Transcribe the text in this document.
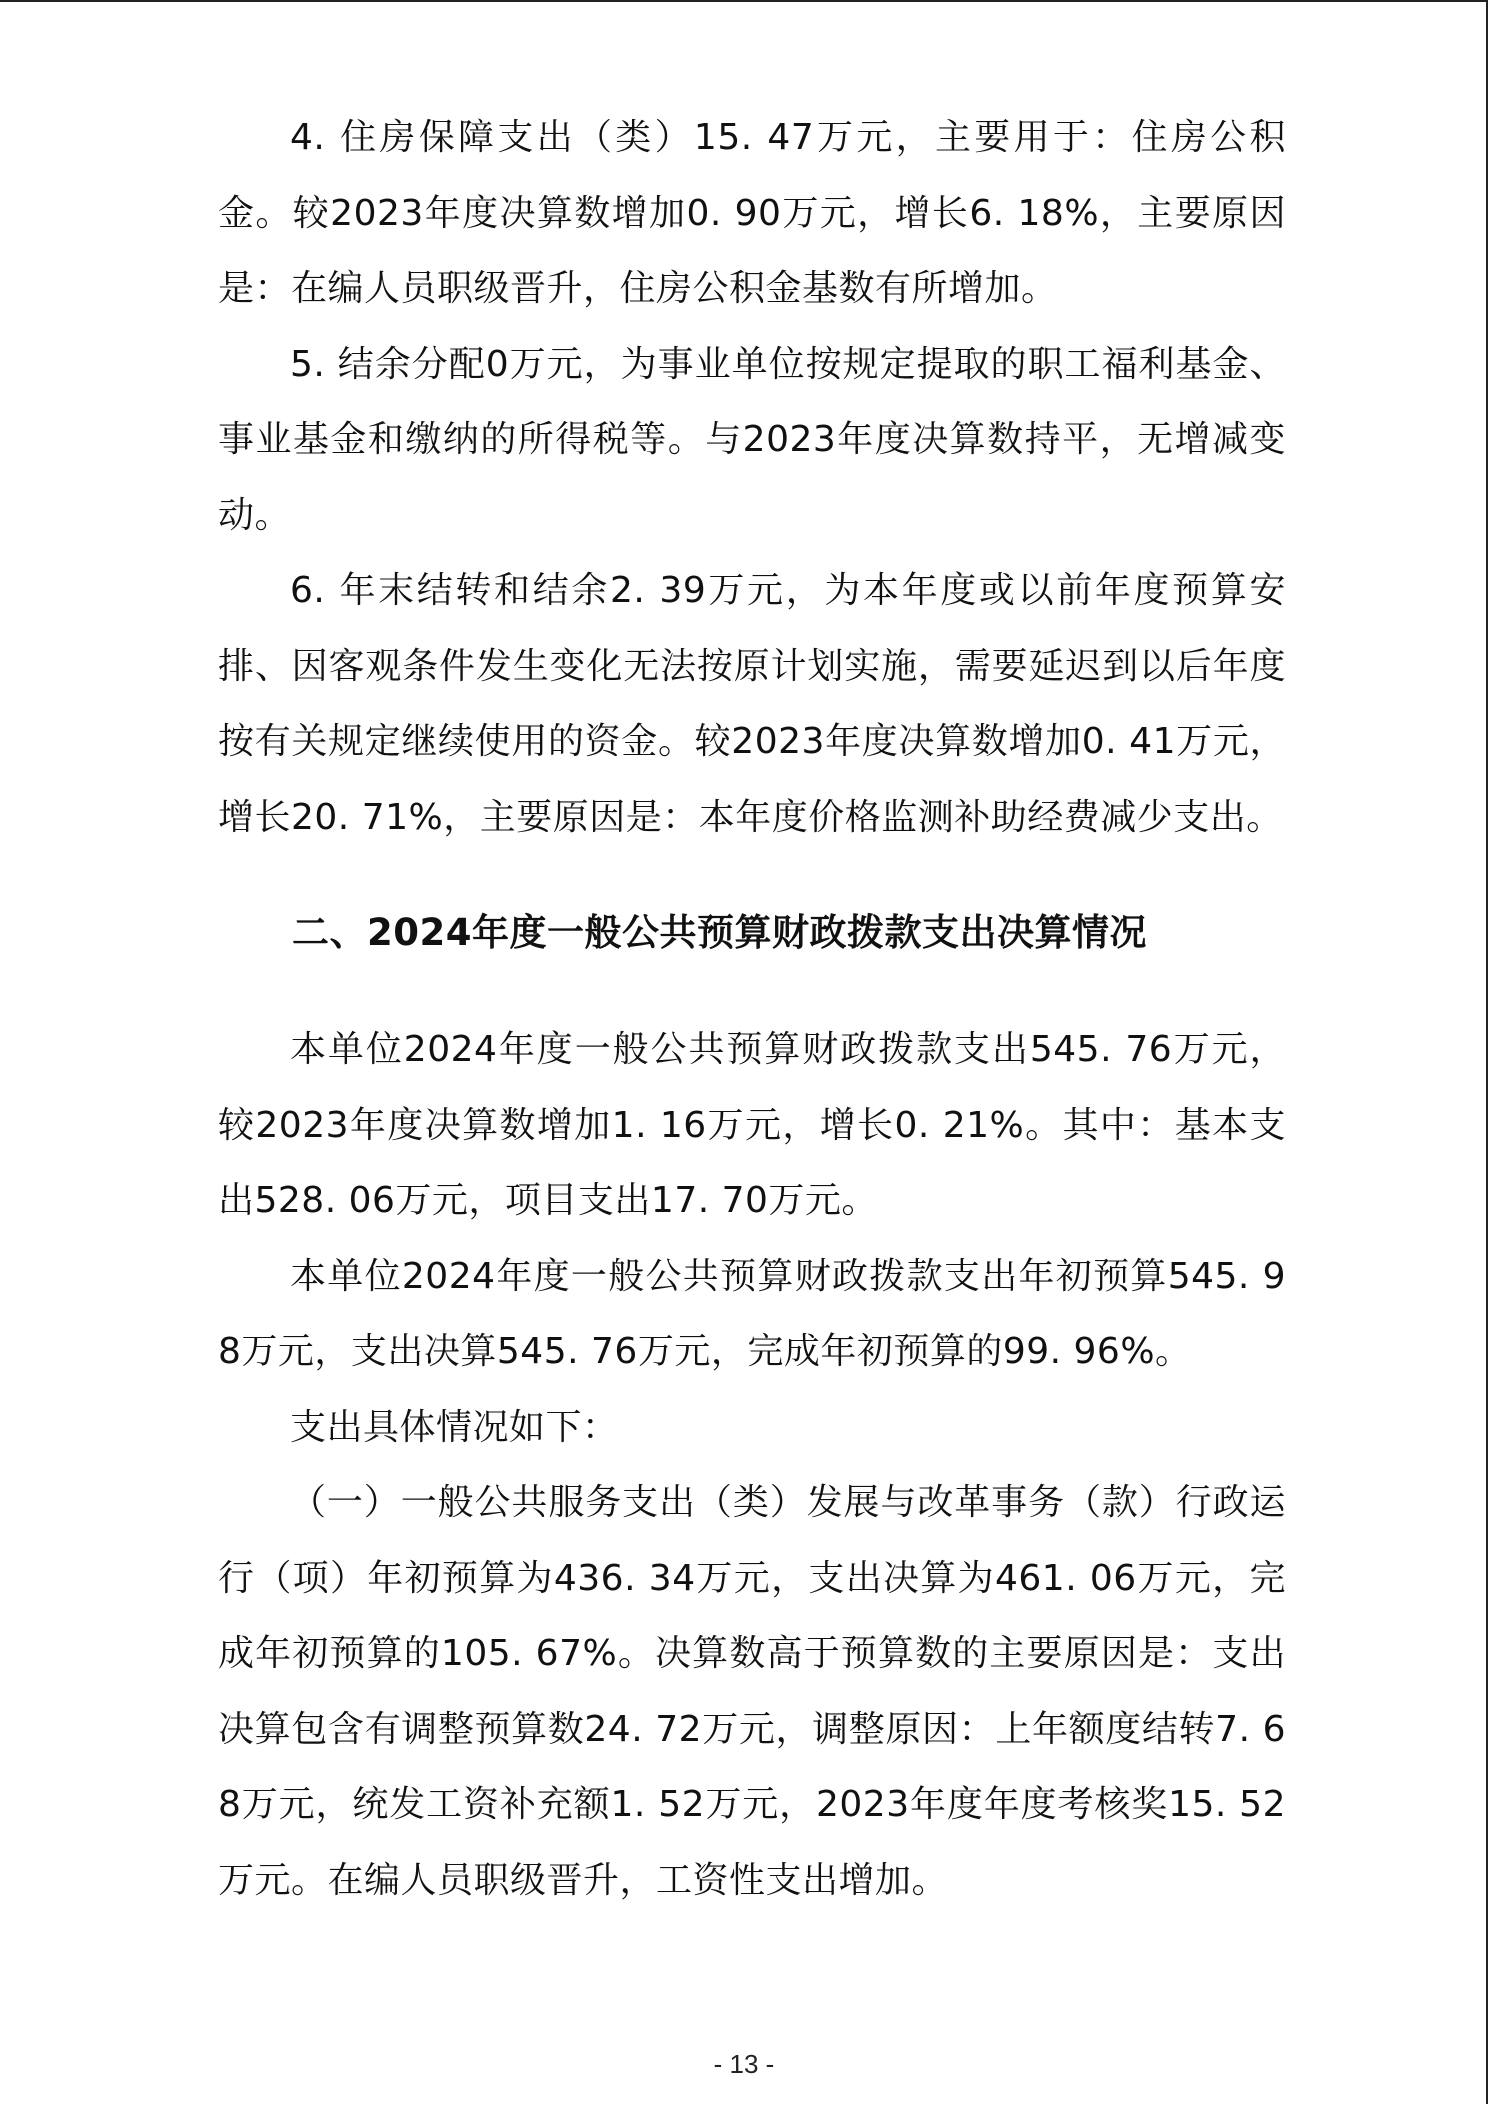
4. 住房保障支出（类）15. 47万元，主要用于：住房公积金。较2023年度决算数增加0. 90万元，增长6. 18%，主要原因是：在编人员职级晋升，住房公积金基数有所增加。

5. 结余分配0万元，为事业单位按规定提取的职工福利基金、事业基金和缴纳的所得税等。与2023年度决算数持平，无增减变动。

6. 年末结转和结余2. 39万元，为本年度或以前年度预算安排、因客观条件发生变化无法按原计划实施，需要延迟到以后年度按有关规定继续使用的资金。较2023年度决算数增加0. 41万元，增长20. 71%，主要原因是：本年度价格监测补助经费减少支出。

二、2024年度一般公共预算财政拨款支出决算情况

本单位2024年度一般公共预算财政拨款支出545. 76万元，较2023年度决算数增加1. 16万元，增长0. 21%。其中：基本支出528. 06万元，项目支出17. 70万元。

本单位2024年度一般公共预算财政拨款支出年初预算545. 98万元，支出决算545. 76万元，完成年初预算的99. 96%。

支出具体情况如下：

（一）一般公共服务支出（类）发展与改革事务（款）行政运行（项）年初预算为436. 34万元，支出决算为461. 06万元，完成年初预算的105. 67%。决算数高于预算数的主要原因是：支出决算包含有调整预算数24. 72万元，调整原因：上年额度结转7. 68万元，统发工资补充额1. 52万元，2023年度年度考核奖15. 52万元。在编人员职级晋升，工资性支出增加。

- 13 -
